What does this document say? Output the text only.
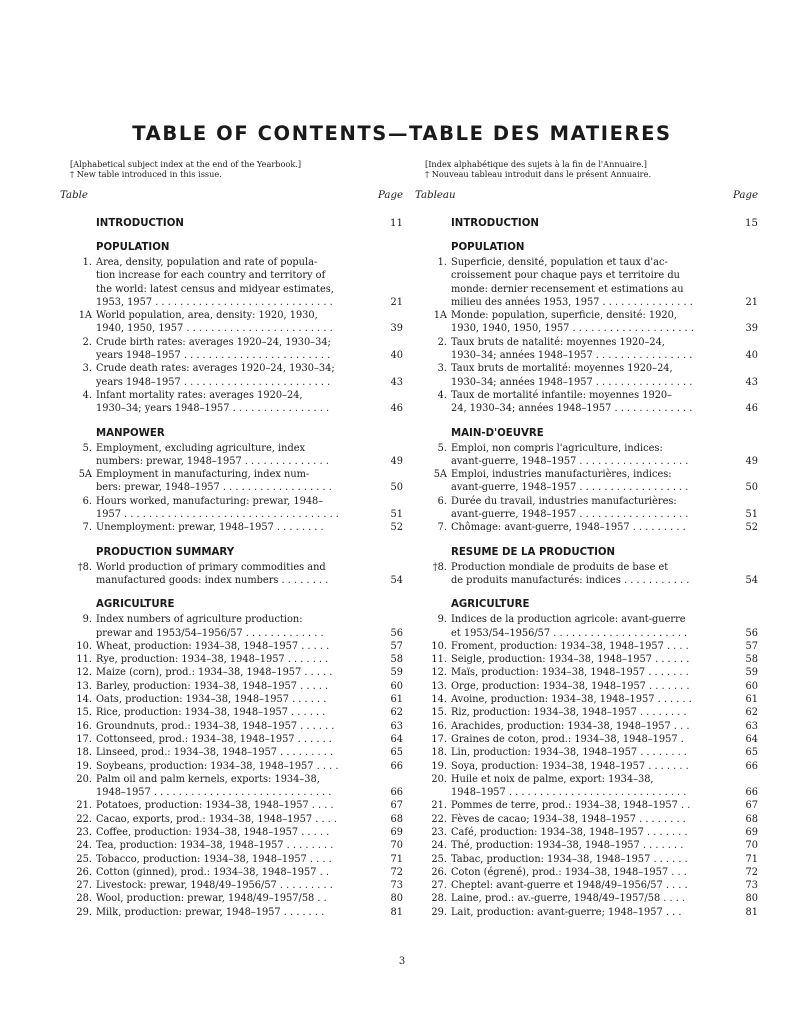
TABLE OF CONTENTS—TABLE DES MATIERES
[Alphabetical subject index at the end of the Yearbook.]
† New table introduced in this issue.
Table	Page
INTRODUCTION	11
POPULATION
1. Area, density, population and rate of popula-
tion increase for each country and territory of
the world: latest census and midyear estimates,
1953, 1957 . . . . . . . . . . . . . . . . . . . . . . . . . . . . .	21
1A World population, area, density: 1920, 1930,
1940, 1950, 1957 . . . . . . . . . . . . . . . . . . . . . . . .	39
2. Crude birth rates: averages 1920–24, 1930–34;
years 1948–1957 . . . . . . . . . . . . . . . . . . . . . . . .	40
3. Crude death rates: averages 1920–24, 1930–34;
years 1948–1957 . . . . . . . . . . . . . . . . . . . . . . . .	43
4. Infant mortality rates: averages 1920–24,
1930–34; years 1948–1957 . . . . . . . . . . . . . . . .	46
MANPOWER
5. Employment, excluding agriculture, index
numbers: prewar, 1948–1957 . . . . . . . . . . . . . .	49
5A Employment in manufacturing, index num-
bers: prewar, 1948–1957 . . . . . . . . . . . . . . . . . .	50
6. Hours worked, manufacturing: prewar, 1948–
1957 . . . . . . . . . . . . . . . . . . . . . . . . . . . . . . . . . . .	51
7. Unemployment: prewar, 1948–1957 . . . . . . . .	52
PRODUCTION SUMMARY
†8. World production of primary commodities and
manufactured goods: index numbers . . . . . . . .	54
AGRICULTURE
9. Index numbers of agriculture production:
prewar and 1953/54–1956/57 . . . . . . . . . . . . .	56
10. Wheat, production: 1934–38, 1948–1957 . . . . .	57
11. Rye, production: 1934–38, 1948–1957 . . . . . . .	58
12. Maize (corn), prod.: 1934–38, 1948–1957 . . . . .	59
13. Barley, production: 1934–38, 1948–1957 . . . . .	60
14. Oats, production: 1934–38, 1948–1957 . . . . . .	61
15. Rice, production: 1934–38, 1948–1957 . . . . . .	62
16. Groundnuts, prod.: 1934–38, 1948–1957 . . . . . .	63
17. Cottonseed, prod.: 1934–38, 1948–1957 . . . . . .	64
18. Linseed, prod.: 1934–38, 1948–1957 . . . . . . . . .	65
19. Soybeans, production: 1934–38, 1948–1957 . . . .	66
20. Palm oil and palm kernels, exports: 1934–38,
1948–1957 . . . . . . . . . . . . . . . . . . . . . . . . . . . . .	66
21. Potatoes, production: 1934–38, 1948–1957 . . . .	67
22. Cacao, exports, prod.: 1934–38, 1948–1957 . . . .	68
23. Coffee, production: 1934–38, 1948–1957 . . . . .	69
24. Tea, production: 1934–38, 1948–1957 . . . . . . . .	70
25. Tobacco, production: 1934–38, 1948–1957 . . . .	71
26. Cotton (ginned), prod.: 1934–38, 1948–1957 . .	72
27. Livestock: prewar, 1948/49–1956/57 . . . . . . . . .	73
28. Wool, production: prewar, 1948/49–1957/58 . .	80
29. Milk, production: prewar, 1948–1957 . . . . . . .	81
[Index alphabétique des sujets à la fin de l'Annuaire.]
† Nouveau tableau introduit dans le présent Annuaire.
Tableau	Page
INTRODUCTION	15
POPULATION
1. Superficie, densité, population et taux d'ac-
croissement pour chaque pays et territoire du
monde: dernier recensement et estimations au
milieu des années 1953, 1957 . . . . . . . . . . . . . . .	21
1A Monde: population, superficie, densité: 1920,
1930, 1940, 1950, 1957 . . . . . . . . . . . . . . . . . . . .	39
2. Taux bruts de natalité: moyennes 1920–24,
1930–34; années 1948–1957 . . . . . . . . . . . . . . . .	40
3. Taux bruts de mortalité: moyennes 1920–24,
1930–34; années 1948–1957 . . . . . . . . . . . . . . . .	43
4. Taux de mortalité infantile: moyennes 1920–
24, 1930–34; années 1948–1957 . . . . . . . . . . . . .	46
MAIN-D'OEUVRE
5. Emploi, non compris l'agriculture, indices:
avant-guerre, 1948–1957 . . . . . . . . . . . . . . . . . .	49
5A Emploi, industries manufacturières, indices:
avant-guerre, 1948–1957 . . . . . . . . . . . . . . . . . .	50
6. Durée du travail, industries manufacturières:
avant-guerre, 1948–1957 . . . . . . . . . . . . . . . . . .	51
7. Chômage: avant-guerre, 1948–1957 . . . . . . . . .	52
RESUME DE LA PRODUCTION
†8. Production mondiale de produits de base et
de produits manufacturés: indices . . . . . . . . . . .	54
AGRICULTURE
9. Indices de la production agricole: avant-guerre
et 1953/54–1956/57 . . . . . . . . . . . . . . . . . . . . . .	56
10. Froment, production: 1934–38, 1948–1957 . . . .	57
11. Seigle, production: 1934–38, 1948–1957 . . . . . .	58
12. Maïs, production: 1934–38, 1948–1957 . . . . . . .	59
13. Orge, production: 1934–38, 1948–1957 . . . . . . .	60
14. Avoine, production: 1934–38, 1948–1957 . . . . . .	61
15. Riz, production: 1934–38, 1948–1957 . . . . . . . .	62
16. Arachides, production: 1934–38, 1948–1957 . . .	63
17. Graines de coton, prod.: 1934–38, 1948–1957 .	64
18. Lin, production: 1934–38, 1948–1957 . . . . . . . .	65
19. Soya, production: 1934–38, 1948–1957 . . . . . . .	66
20. Huile et noix de palme, export: 1934–38,
1948–1957 . . . . . . . . . . . . . . . . . . . . . . . . . . . . .	66
21. Pommes de terre, prod.: 1934–38, 1948–1957 . .	67
22. Fèves de cacao; 1934–38, 1948–1957 . . . . . . . .	68
23. Café, production: 1934–38, 1948–1957 . . . . . . .	69
24. Thé, production: 1934–38, 1948–1957 . . . . . . .	70
25. Tabac, production: 1934–38, 1948–1957 . . . . . .	71
26. Coton (égrené), prod.: 1934–38, 1948–1957 . . .	72
27. Cheptel: avant-guerre et 1948/49–1956/57 . . . .	73
28. Laine, prod.: av.-guerre, 1948/49–1957/58 . . . .	80
29. Lait, production: avant-guerre; 1948–1957 . . .	81
3
